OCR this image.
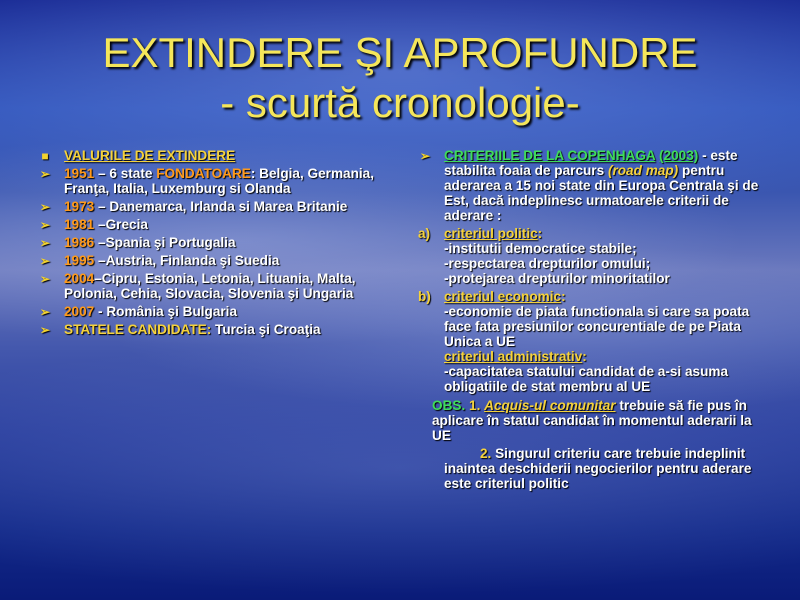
EXTINDERE ŞI APROFUNDRE
- scurtă cronologie-
■ VALURILE DE EXTINDERE
➢ 1951 – 6 state FONDATOARE: Belgia, Germania, Franţa, Italia, Luxemburg si Olanda
➢ 1973 – Danemarca, Irlanda si Marea Britanie
➢ 1981 –Grecia
➢ 1986 –Spania şi Portugalia
➢ 1995 –Austria, Finlanda şi Suedia
➢ 2004–Cipru, Estonia, Letonia, Lituania, Malta, Polonia, Cehia, Slovacia, Slovenia şi Ungaria
➢ 2007 - România şi Bulgaria
➢ STATELE CANDIDATE: Turcia şi Croaţia
➢ CRITERIILE DE LA COPENHAGA (2003) - este stabilita foaia de parcurs (road map) pentru aderarea a 15 noi state din Europa Centrala şi de Est, dacă indeplinesc urmatoarele criterii de aderare :
a) criteriul politic:
-institutii democratice stabile;
-respectarea drepturilor omului;
-protejarea drepturilor minoritatilor
b) criteriul economic:
-economie de piata functionala si care sa poata face fata presiunilor concurentiale de pe Piata Unica a UE
criteriul administrativ:
-capacitatea statului candidat de a-si asuma obligatiile de stat membru al UE
OBS. 1. Acquis-ul comunitar trebuie să fie pus în aplicare în statul candidat în momentul aderarii la UE
2. Singurul criteriu care trebuie indeplinit inaintea deschiderii negocierilor pentru aderare este criteriul politic
